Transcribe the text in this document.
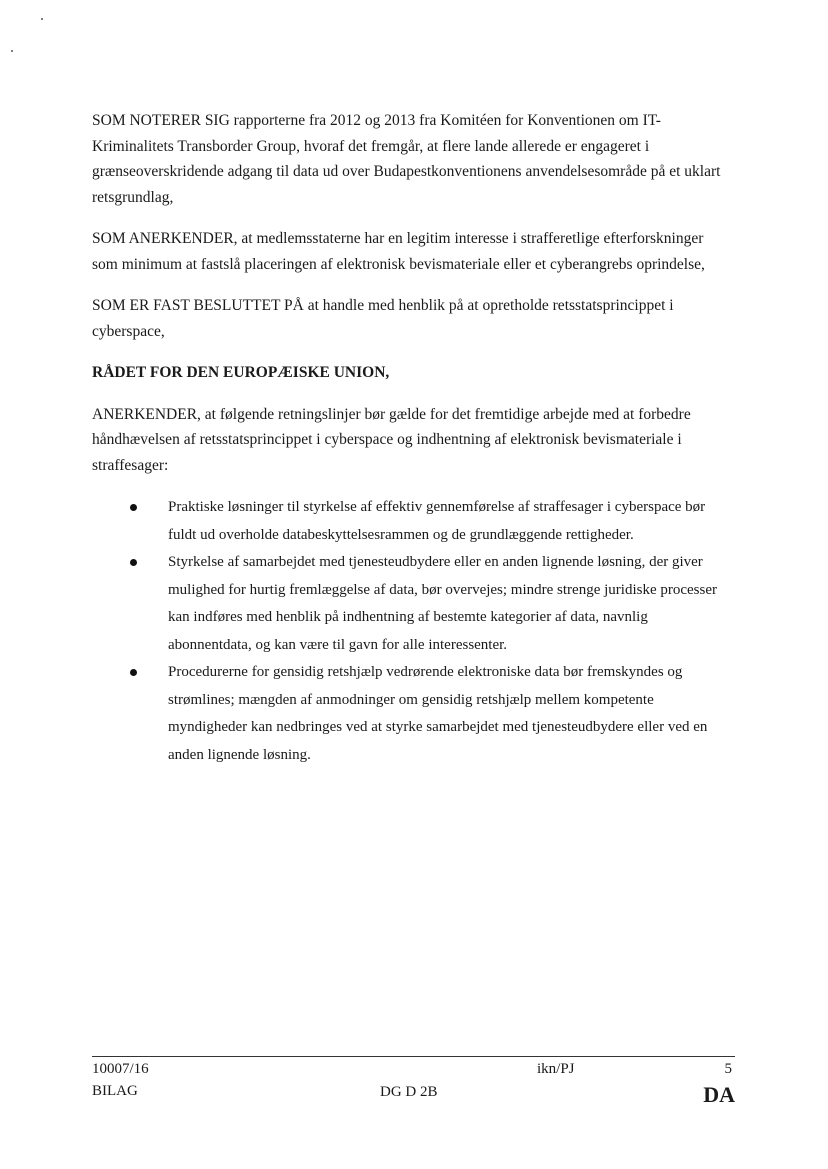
SOM NOTERER SIG rapporterne fra 2012 og 2013 fra Komitéen for Konventionen om IT-Kriminalitets Transborder Group, hvoraf det fremgår, at flere lande allerede er engageret i grænseoverskridende adgang til data ud over Budapestkonventionens anvendelsesområde på et uklart retsgrundlag,

SOM ANERKENDER, at medlemsstaterne har en legitim interesse i strafferetlige efterforskninger som minimum at fastslå placeringen af elektronisk bevismateriale eller et cyberangrebs oprindelse,

SOM ER FAST BESLUTTET PÅ at handle med henblik på at opretholde retsstatsprincippet i cyberspace,

RÅDET FOR DEN EUROPÆISKE UNION,

ANERKENDER, at følgende retningslinjer bør gælde for det fremtidige arbejde med at forbedre håndhævelsen af retsstatsprincippet i cyberspace og indhentning af elektronisk bevismateriale i straffesager:

Praktiske løsninger til styrkelse af effektiv gennemførelse af straffesager i cyberspace bør fuldt ud overholde databeskyttelsesrammen og de grundlæggende rettigheder.
Styrkelse af samarbejdet med tjenesteudbydere eller en anden lignende løsning, der giver mulighed for hurtig fremlæggelse af data, bør overvejes; mindre strenge juridiske processer kan indføres med henblik på indhentning af bestemte kategorier af data, navnlig abonnentdata, og kan være til gavn for alle interessenter.
Procedurerne for gensidig retshjælp vedrørende elektroniske data bør fremskyndes og strømlines; mængden af anmodninger om gensidig retshjælp mellem kompetente myndigheder kan nedbringes ved at styrke samarbejdet med tjenesteudbydere eller ved en anden lignende løsning.
10007/16
BILAG
ikn/PJ
DG D 2B
5
DA
